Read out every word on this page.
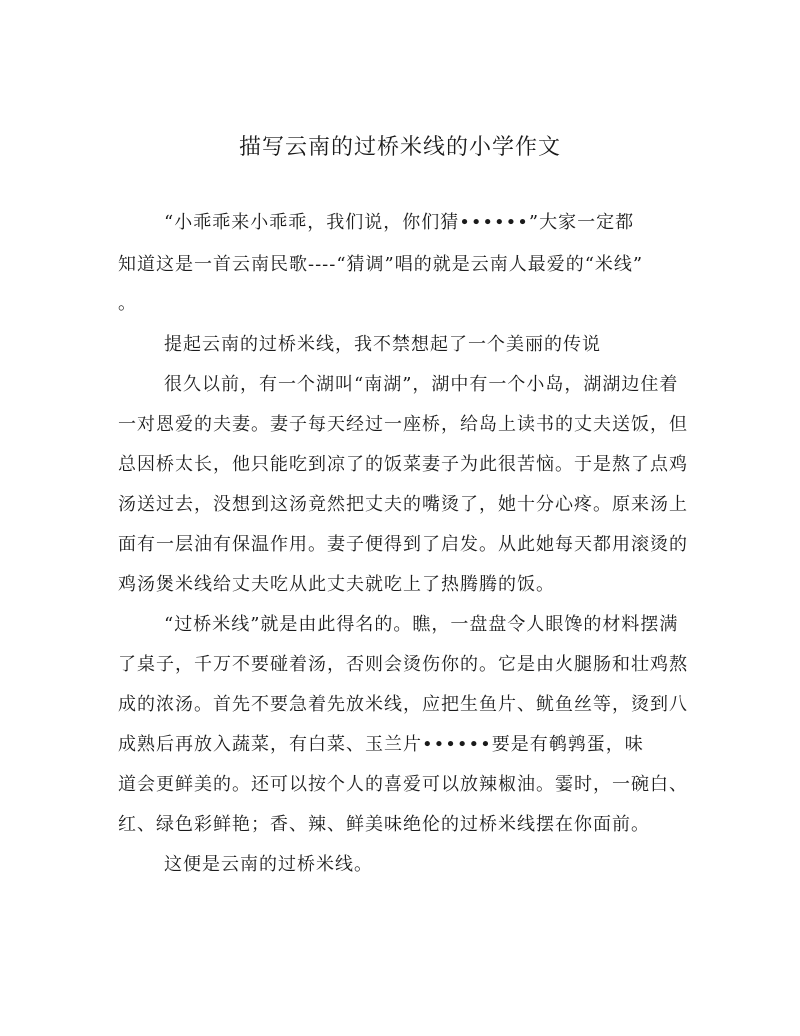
描写云南的过桥米线的小学作文
“小乖乖来小乖乖，我们说，你们猜••••••”大家一定都
知道这是一首云南民歌----“猜调”唱的就是云南人最爱的“米线”
。
提起云南的过桥米线，我不禁想起了一个美丽的传说
很久以前，有一个湖叫“南湖”，湖中有一个小岛，湖湖边住着
一对恩爱的夫妻。妻子每天经过一座桥，给岛上读书的丈夫送饭，但
总因桥太长，他只能吃到凉了的饭菜妻子为此很苦恼。于是熬了点鸡
汤送过去，没想到这汤竟然把丈夫的嘴烫了，她十分心疼。原来汤上
面有一层油有保温作用。妻子便得到了启发。从此她每天都用滚烫的
鸡汤煲米线给丈夫吃从此丈夫就吃上了热腾腾的饭。
“过桥米线”就是由此得名的。瞧，一盘盘令人眼馋的材料摆满
了桌子，千万不要碰着汤，否则会烫伤你的。它是由火腿肠和壮鸡熬
成的浓汤。首先不要急着先放米线，应把生鱼片、鱿鱼丝等，烫到八
成熟后再放入蔬菜，有白菜、玉兰片••••••要是有鹌鹑蛋，味
道会更鲜美的。还可以按个人的喜爱可以放辣椒油。霎时，一碗白、
红、绿色彩鲜艳；香、辣、鲜美味绝伦的过桥米线摆在你面前。
这便是云南的过桥米线。
